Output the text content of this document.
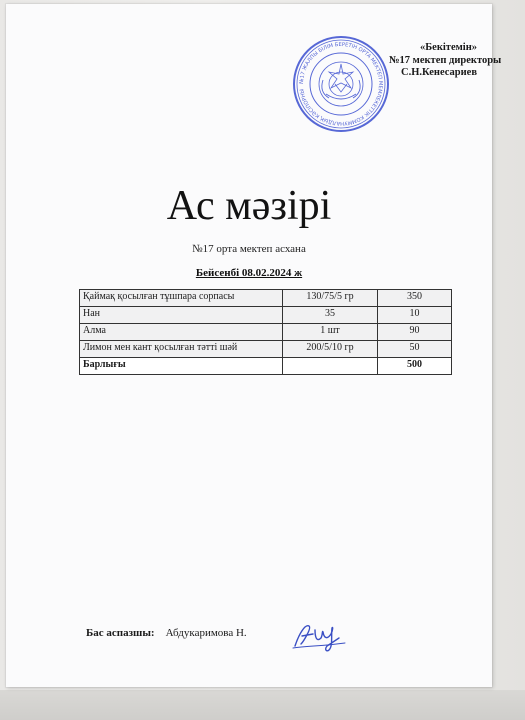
«Бекітемін»
№17 мектеп директоры
С.Н.Кенесариев
№17 ЖАЛПЫ БІЛІМ БЕРЕТІН ОРТА МЕКТЕП МЕМЛЕКЕТТІК КОММУНАЛДЫҚ КӘСІПОРНЫ
Ас мәзірі
№17 орта мектеп асхана
Бейсенбі 08.02.2024 ж
Қаймақ қосылған тұшпара сорпасы	130/75/5 гр	350
Нан	35	10
Алма	1 шт	90
Лимон мен кант қосылған тәтті шәй	200/5/10 гр	50
Барлығы		500
Бас аспазшы: Абдукаримова Н.
